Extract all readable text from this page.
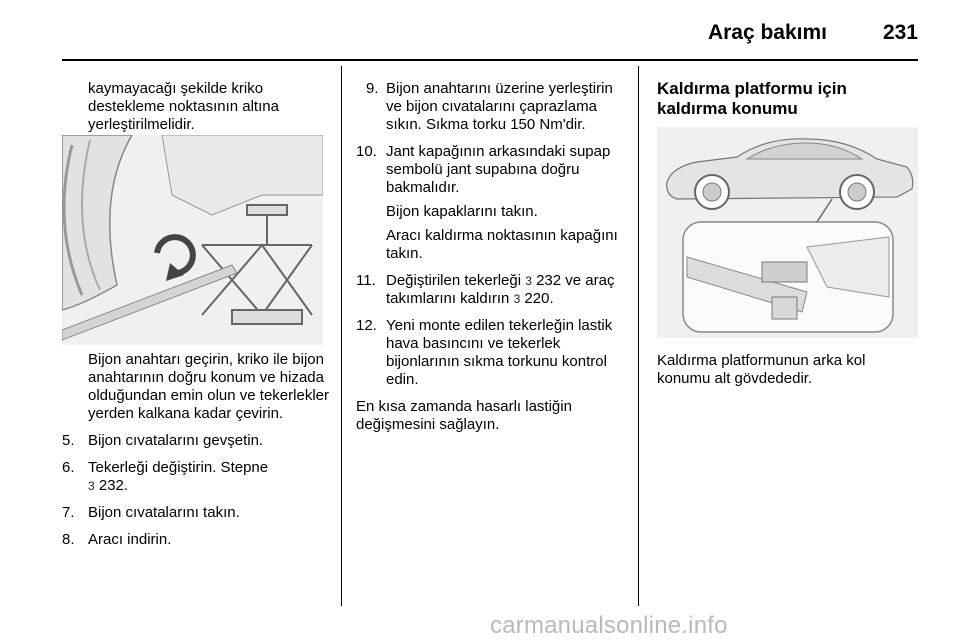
Araç bakımı	231

kaymayacağı şekilde kriko destekleme noktasının altına yerleştirilmelidir.

Bijon anahtarı geçirin, kriko ile bijon anahtarının doğru konum ve hizada olduğundan emin olun ve tekerlekler yerden kalkana kadar çevirin.

5. Bijon cıvatalarını gevşetin.
6. Tekerleği değiştirin. Stepne
3 232.
7. Bijon cıvatalarını takın.
8. Aracı indirin.
9. Bijon anahtarını üzerine yerleştirin ve bijon cıvatalarını çaprazlama sıkın. Sıkma torku 150 Nm'dir.
10. Jant kapağının arkasındaki supap sembolü jant supabına doğru bakmalıdır.

Bijon kapaklarını takın.

Aracı kaldırma noktasının kapağını takın.

11. Değiştirilen tekerleği 3 232 ve araç takımlarını kaldırın 3 220.
12. Yeni monte edilen tekerleğin lastik hava basıncını ve tekerlek bijonlarının sıkma torkunu kontrol edin.

En kısa zamanda hasarlı lastiğin değişmesini sağlayın.

Kaldırma platformu için kaldırma konumu

Kaldırma platformunun arka kol konumu alt gövdededir.

carmanualsonline.info
